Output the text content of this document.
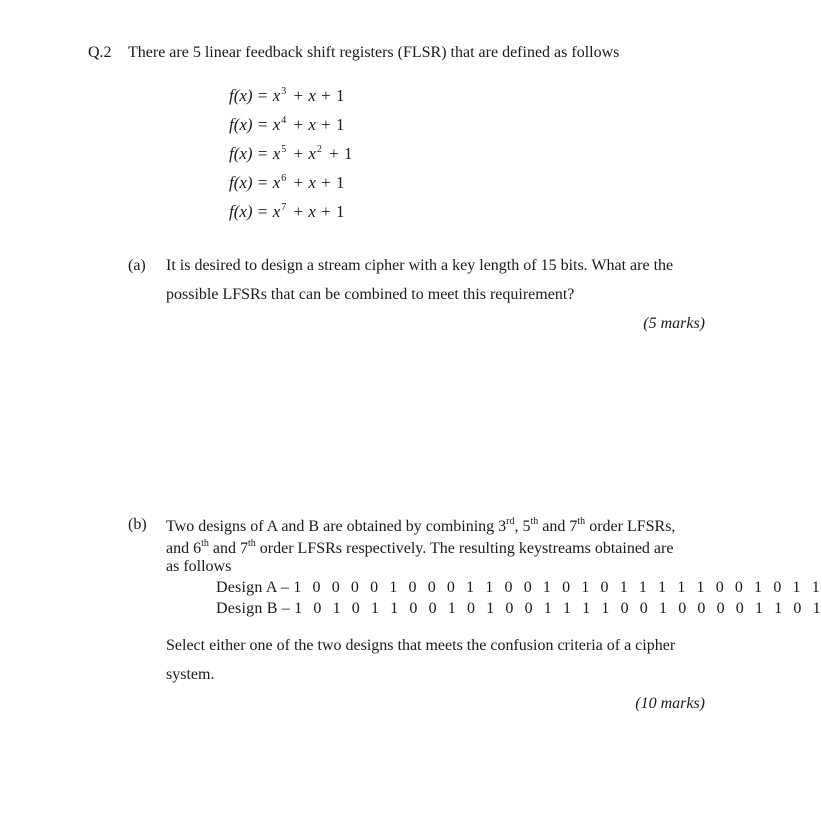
Q.2 There are 5 linear feedback shift registers (FLSR) that are defined as follows
$f(x) = x^3 + x + 1$
$f(x) = x^4 + x + 1$
$f(x) = x^5 + x^2 + 1$
$f(x) = x^6 + x + 1$
$f(x) = x^7 + x + 1$
(a) It is desired to design a stream cipher with a key length of 15 bits. What are the
possible LFSRs that can be combined to meet this requirement?
(5 marks)
(b) Two designs of A and B are obtained by combining 3rd, 5th and 7th order LFSRs,
and 6th and 7th order LFSRs respectively. The resulting keystreams obtained are
as follows
Design A – 1 0 0 0 0 1 0 0 0 1 1 0 0 1 0 1 0 1 1 1 1 1 0 0 1 0 1 1
Design B – 1 0 1 0 1 1 0 0 1 0 1 0 0 1 1 1 1 0 0 1 0 0 0 0 1 1 0 1
Select either one of the two designs that meets the confusion criteria of a cipher
system.
(10 marks)
